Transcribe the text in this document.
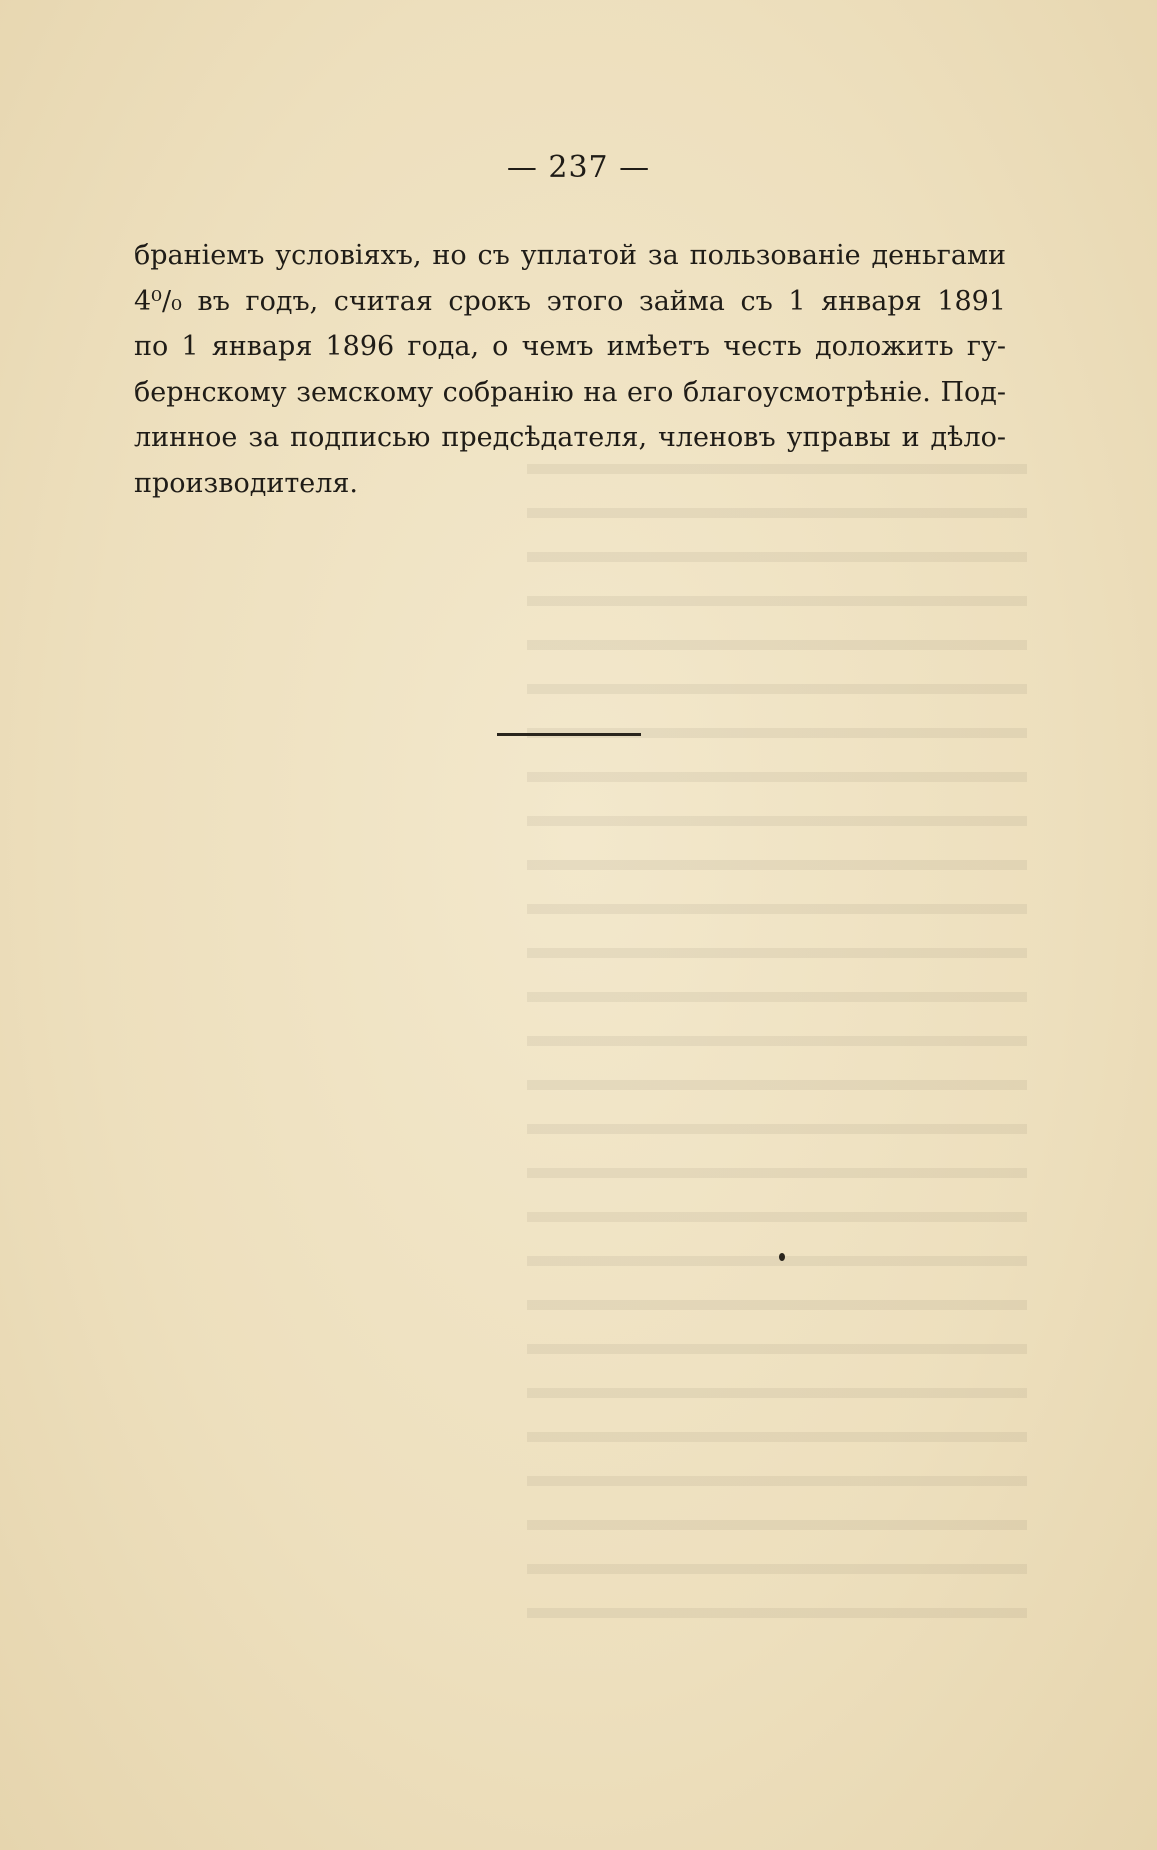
— 237 —
браніемъ условіяхъ, но съ уплатой за пользованіе деньгами
4⁰/₀ въ годъ, считая срокъ этого займа съ 1 января 1891
по 1 января 1896 года, о чемъ имѣетъ честь доложить гу-
бернскому земскому собранію на его благоусмотрѣніе. Под-
линное за подписью предсѣдателя, членовъ управы и дѣло-
производителя.
